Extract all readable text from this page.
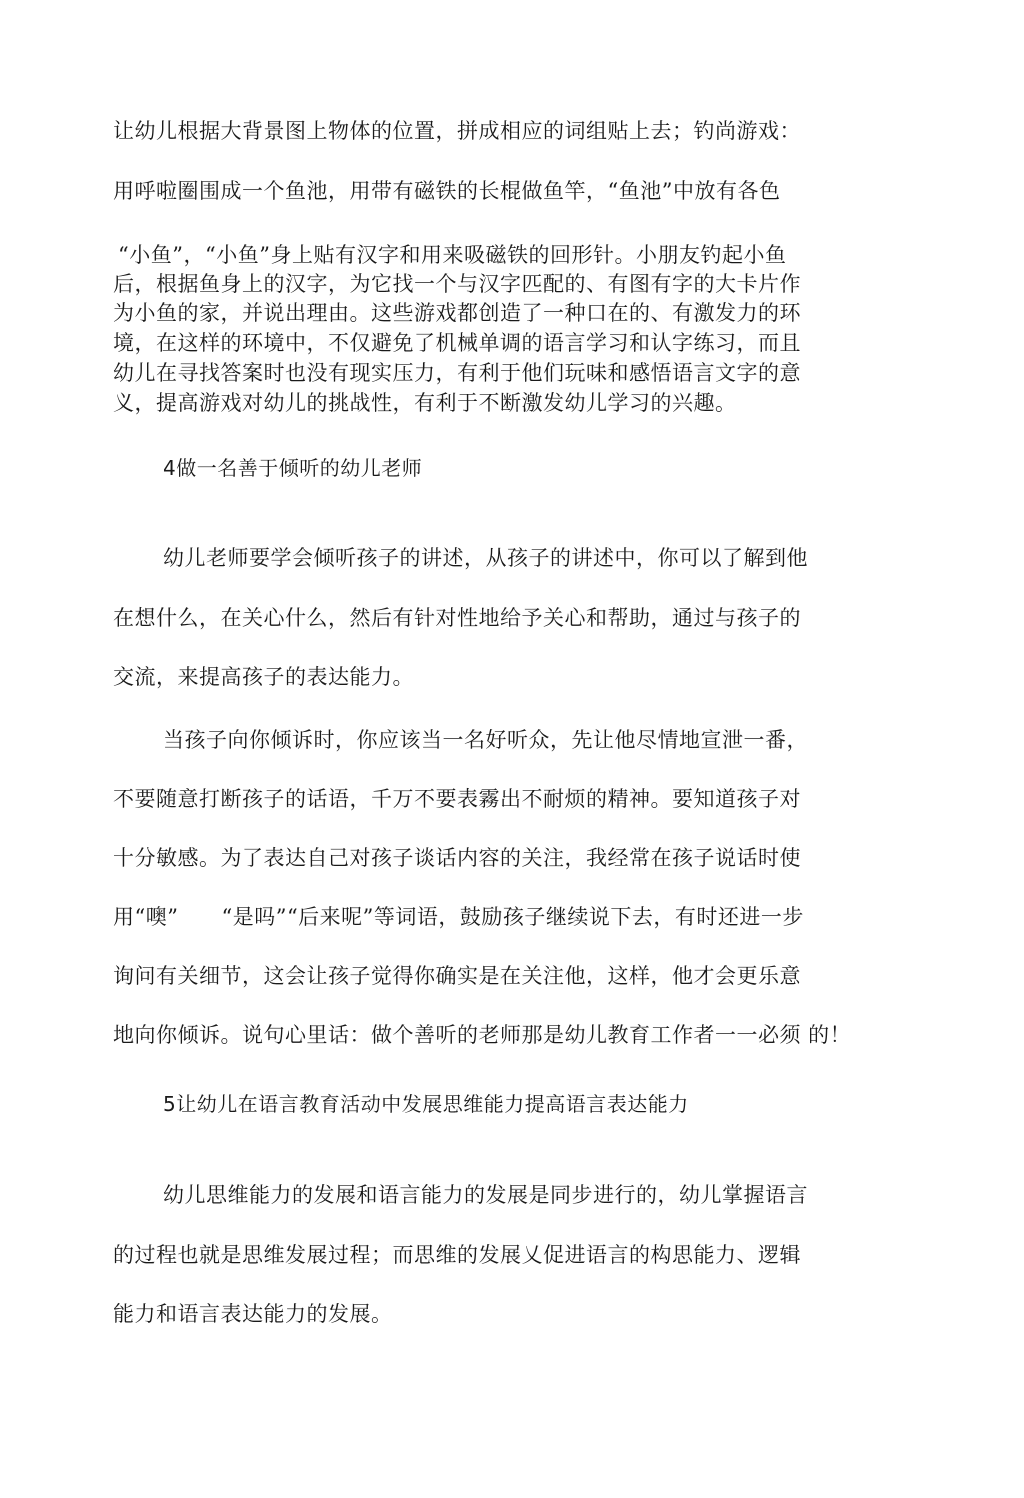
让幼儿根据大背景图上物体的位置，拼成相应的词组贴上去；钓尚游戏：
用呼啦圈围成一个鱼池，用带有磁铁的长棍做鱼竿，“鱼池”中放有各色
“小鱼”，“小鱼”身上贴有汉字和用来吸磁铁的回形针。小朋友钓起小鱼
后，根据鱼身上的汉字，为它找一个与汉字匹配的、有图有字的大卡片作
为小鱼的家，并说出理由。这些游戏都创造了一种口在的、有激发力的环
境，在这样的环境中，不仅避免了机械单调的语言学习和认字练习，而且
幼儿在寻找答案时也没有现实压力，有利于他们玩味和感悟语言文字的意
义，提高游戏对幼儿的挑战性，有利于不断激发幼儿学习的兴趣。
4做一名善于倾听的幼儿老师
幼儿老师要学会倾听孩子的讲述，从孩子的讲述中，你可以了解到他
在想什么，在关心什么，然后有针对性地给予关心和帮助，通过与孩子的
交流，来提高孩子的表达能力。
当孩子向你倾诉时，你应该当一名好听众，先让他尽情地宣泄一番，
不要随意打断孩子的话语，千万不要表霧出不耐烦的精神。要知道孩子对
十分敏感。为了表达自己对孩子谈话内容的关注，我经常在孩子说话时使
用“噢”　　“是吗”“后来呢”等词语，鼓励孩子继续说下去，有时还进一步
询问有关细节，这会让孩子觉得你确实是在关注他，这样，他才会更乐意
地向你倾诉。说句心里话：做个善听的老师那是幼儿教育工作者一一必须 的！
5让幼儿在语言教育活动中发展思维能力提高语言表达能力
幼儿思维能力的发展和语言能力的发展是同步进行的，幼儿掌握语言
的过程也就是思维发展过程；而思维的发展乂促进语言的构思能力、逻辑
能力和语言表达能力的发展。
